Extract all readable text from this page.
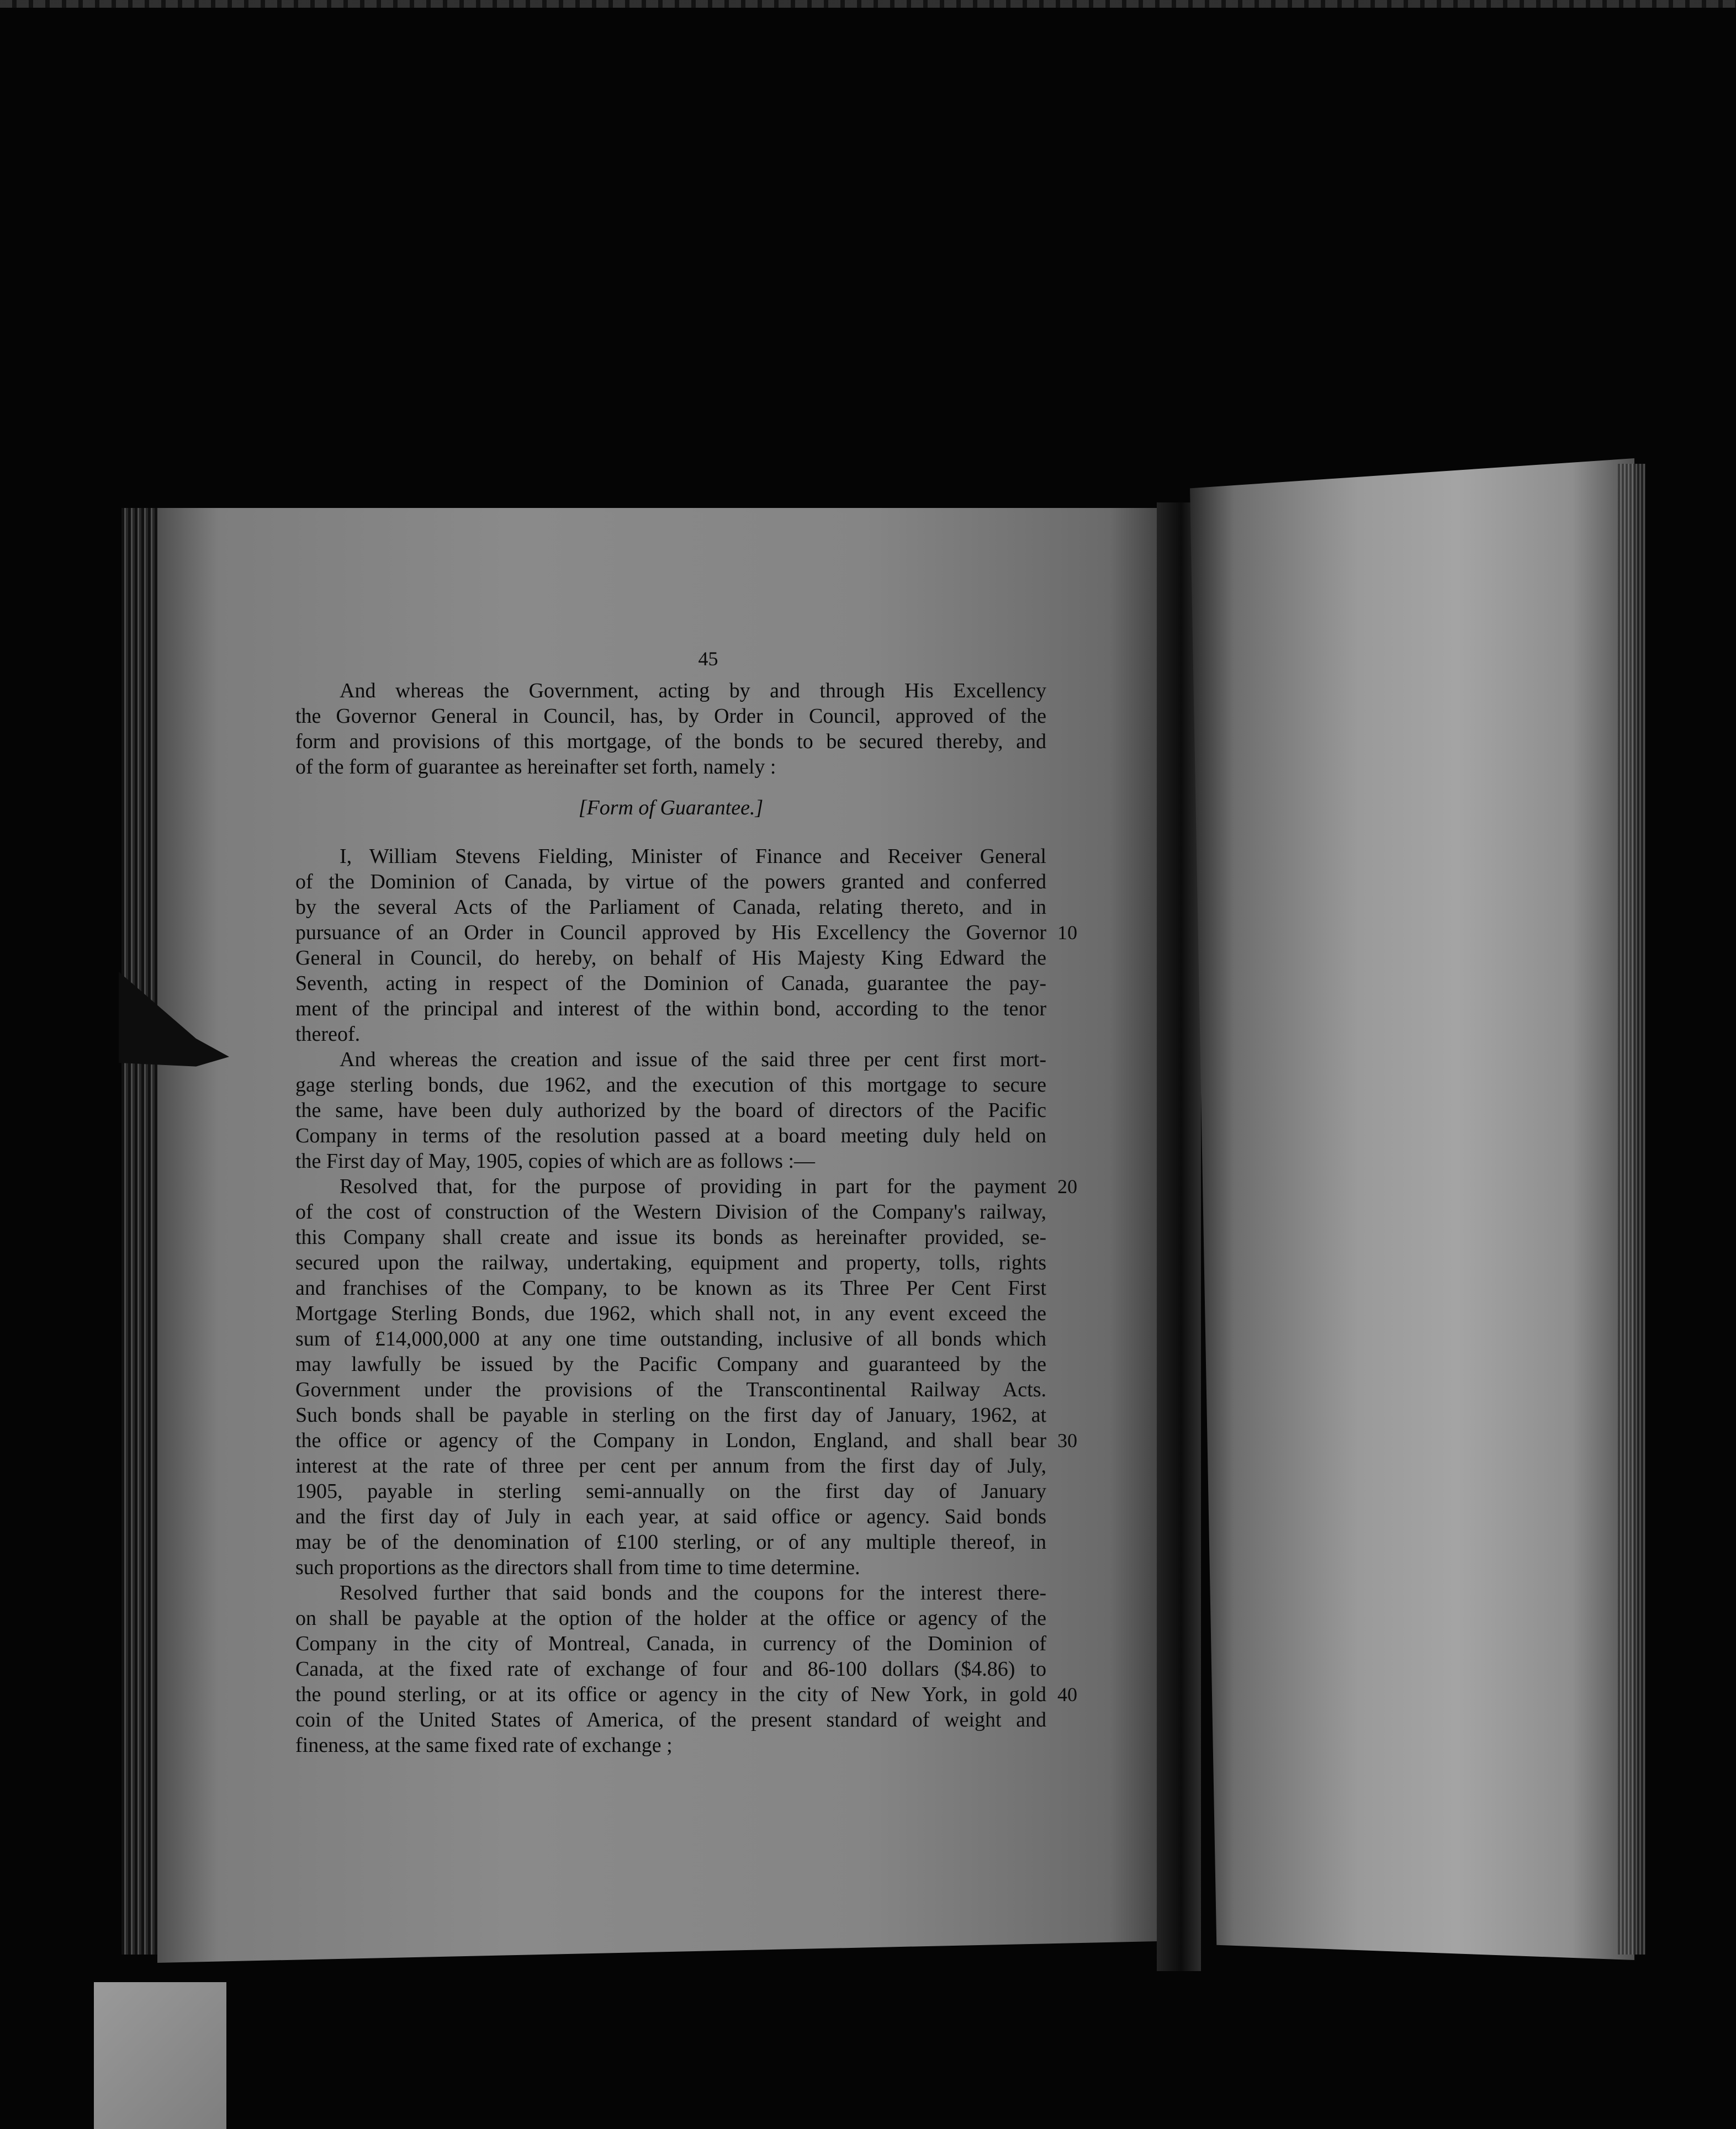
45
And whereas the Government, acting by and through His Excellency
the Governor General in Council, has, by Order in Council, approved of the
form and provisions of this mortgage, of the bonds to be secured thereby, and
of the form of guarantee as hereinafter set forth, namely :
[Form of Guarantee.]
I, William Stevens Fielding, Minister of Finance and Receiver General
of the Dominion of Canada, by virtue of the powers granted and conferred
by the several Acts of the Parliament of Canada, relating thereto, and in
pursuance of an Order in Council approved by His Excellency the Governor 10
General in Council, do hereby, on behalf of His Majesty King Edward the
Seventh, acting in respect of the Dominion of Canada, guarantee the pay-
ment of the principal and interest of the within bond, according to the tenor
thereof.
And whereas the creation and issue of the said three per cent first mort-
gage sterling bonds, due 1962, and the execution of this mortgage to secure
the same, have been duly authorized by the board of directors of the Pacific
Company in terms of the resolution passed at a board meeting duly held on
the First day of May, 1905, copies of which are as follows :—
Resolved that, for the purpose of providing in part for the payment 20
of the cost of construction of the Western Division of the Company's railway,
this Company shall create and issue its bonds as hereinafter provided, se-
secured upon the railway, undertaking, equipment and property, tolls, rights
and franchises of the Company, to be known as its Three Per Cent First
Mortgage Sterling Bonds, due 1962, which shall not, in any event exceed the
sum of £14,000,000 at any one time outstanding, inclusive of all bonds which
may lawfully be issued by the Pacific Company and guaranteed by the
Government under the provisions of the Transcontinental Railway Acts.
Such bonds shall be payable in sterling on the first day of January, 1962, at
the office or agency of the Company in London, England, and shall bear 30
interest at the rate of three per cent per annum from the first day of July,
1905, payable in sterling semi-annually on the first day of January
and the first day of July in each year, at said office or agency. Said bonds
may be of the denomination of £100 sterling, or of any multiple thereof, in
such proportions as the directors shall from time to time determine.
Resolved further that said bonds and the coupons for the interest there-
on shall be payable at the option of the holder at the office or agency of the
Company in the city of Montreal, Canada, in currency of the Dominion of
Canada, at the fixed rate of exchange of four and 86-100 dollars ($4.86) to
the pound sterling, or at its office or agency in the city of New York, in gold 40
coin of the United States of America, of the present standard of weight and
fineness, at the same fixed rate of exchange ;
